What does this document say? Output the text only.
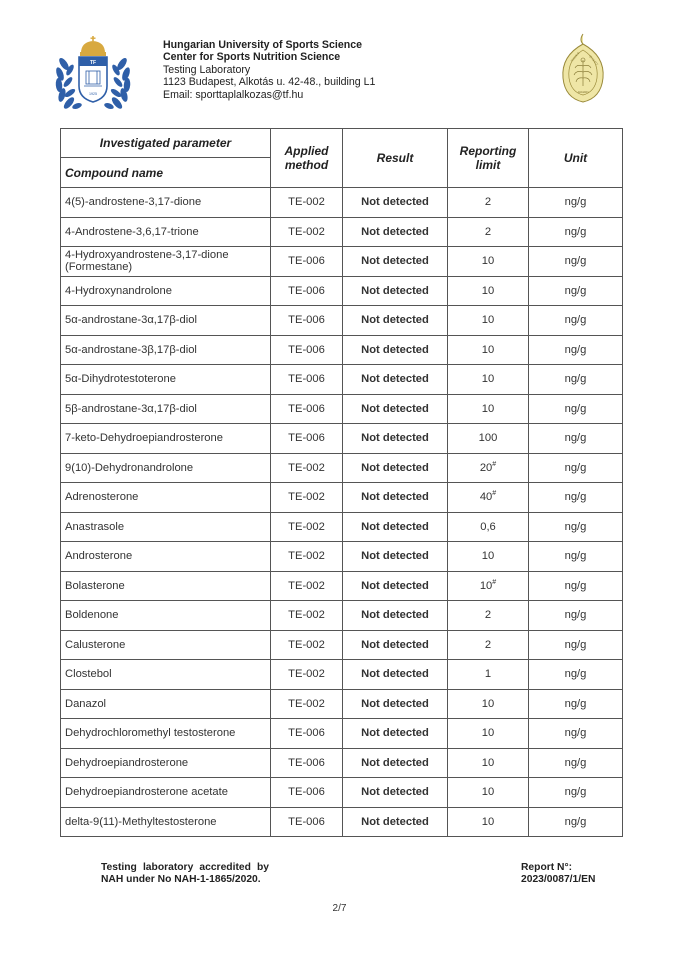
TF
1925
Hungarian University of Sports Science
Center for Sports Nutrition Science
Testing Laboratory
1123 Budapest, Alkotás u. 42-48., building L1
Email: sporttaplalkozas@tf.hu	AWARD
VALUE &	QUALITY
Investigated parameter	Applied method	Result	Reporting limit	Unit
Compound name				
4(5)-androstene-3,17-dione	TE-002	Not detected	2	ng/g
4-Androstene-3,6,17-trione	TE-002	Not detected	2	ng/g
4-Hydroxyandrostene-3,17-dione (Formestane)	TE-006	Not detected	10	ng/g
4-Hydroxynandrolone	TE-006	Not detected	10	ng/g
5α-androstane-3α,17β-diol	TE-006	Not detected	10	ng/g
5α-androstane-3β,17β-diol	TE-006	Not detected	10	ng/g
5α-Dihydrotestoterone	TE-006	Not detected	10	ng/g
5β-androstane-3α,17β-diol	TE-006	Not detected	10	ng/g
7-keto-Dehydroepiandrosterone	TE-006	Not detected	100	ng/g
9(10)-Dehydronandrolone	TE-002	Not detected	20#	ng/g
Adrenosterone	TE-002	Not detected	40#	ng/g
Anastrasole	TE-002	Not detected	0,6	ng/g
Androsterone	TE-002	Not detected	10	ng/g
Bolasterone	TE-002	Not detected	10#	ng/g
Boldenone	TE-002	Not detected	2	ng/g
Calusterone	TE-002	Not detected	2	ng/g
Clostebol	TE-002	Not detected	1	ng/g
Danazol	TE-002	Not detected	10	ng/g
Dehydrochloromethyl testosterone	TE-006	Not detected	10	ng/g
Dehydroepiandrosterone	TE-006	Not detected	10	ng/g
Dehydroepiandrosterone acetate	TE-006	Not detected	10	ng/g
delta-9(11)-Methyltestosterone	TE-006	Not detected	10	ng/g
Testing laboratory accredited by NAH under No NAH-1-1865/2020.
Report N°:
2023/0087/1/EN
2/7
